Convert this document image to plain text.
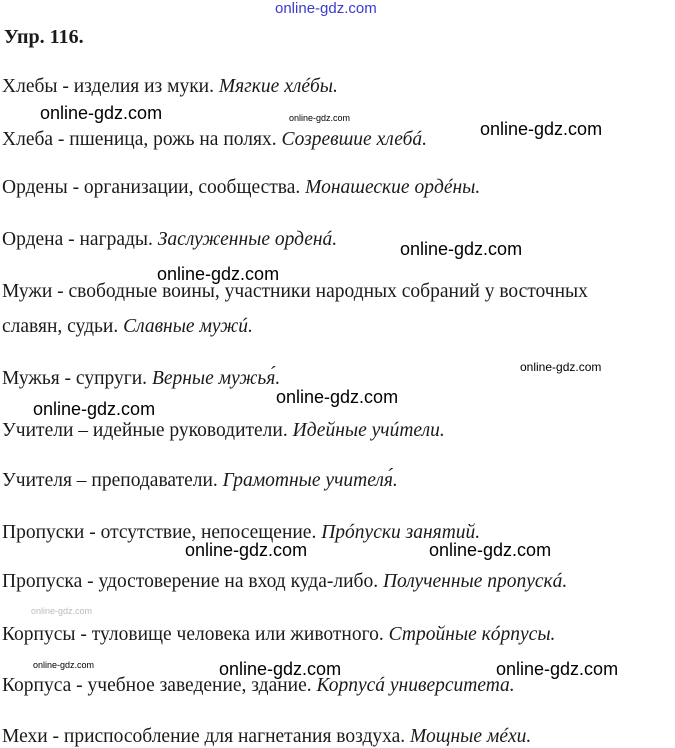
online-gdz.com
Упр. 116.
Хлебы - изделия из муки. Мягкие хлéбы.
Хлеба - пшеница, рожь на полях. Созревшие хлебá.
Ордены - организации, сообщества. Монашеские opдéны.
Ордена - награды. Заслуженные орденá.
Мужи - свободные воины, участники народных собраний у восточных
славян, судьи. Славные мужú.
Мужья - супруги. Верные мужья́.
Учители – идейные руководители. Идейные учúтели.
Учителя – преподаватели. Грамотные учителя́.
Пропуски - отсутствие, непосещение. Прóпуски занятий.
Пропуска - удостоверение на вход куда-либо. Полученные пропускá.
Корпусы - туловище человека или животного. Стройные кóрпусы.
Корпуса - учебное заведение, здание. Корпусá университета.
Мехи - приспособление для нагнетания воздуха. Мощные мéхи.
online-gdz.com	online-gdz.com
online-gdz.com
online-gdz.com
online-gdz.com
online-gdz.com
online-gdz.com
online-gdz.com
online-gdz.com	online-gdz.com
online-gdz.com	online-gdz.com	online-gdz.com
online-gdz.com
